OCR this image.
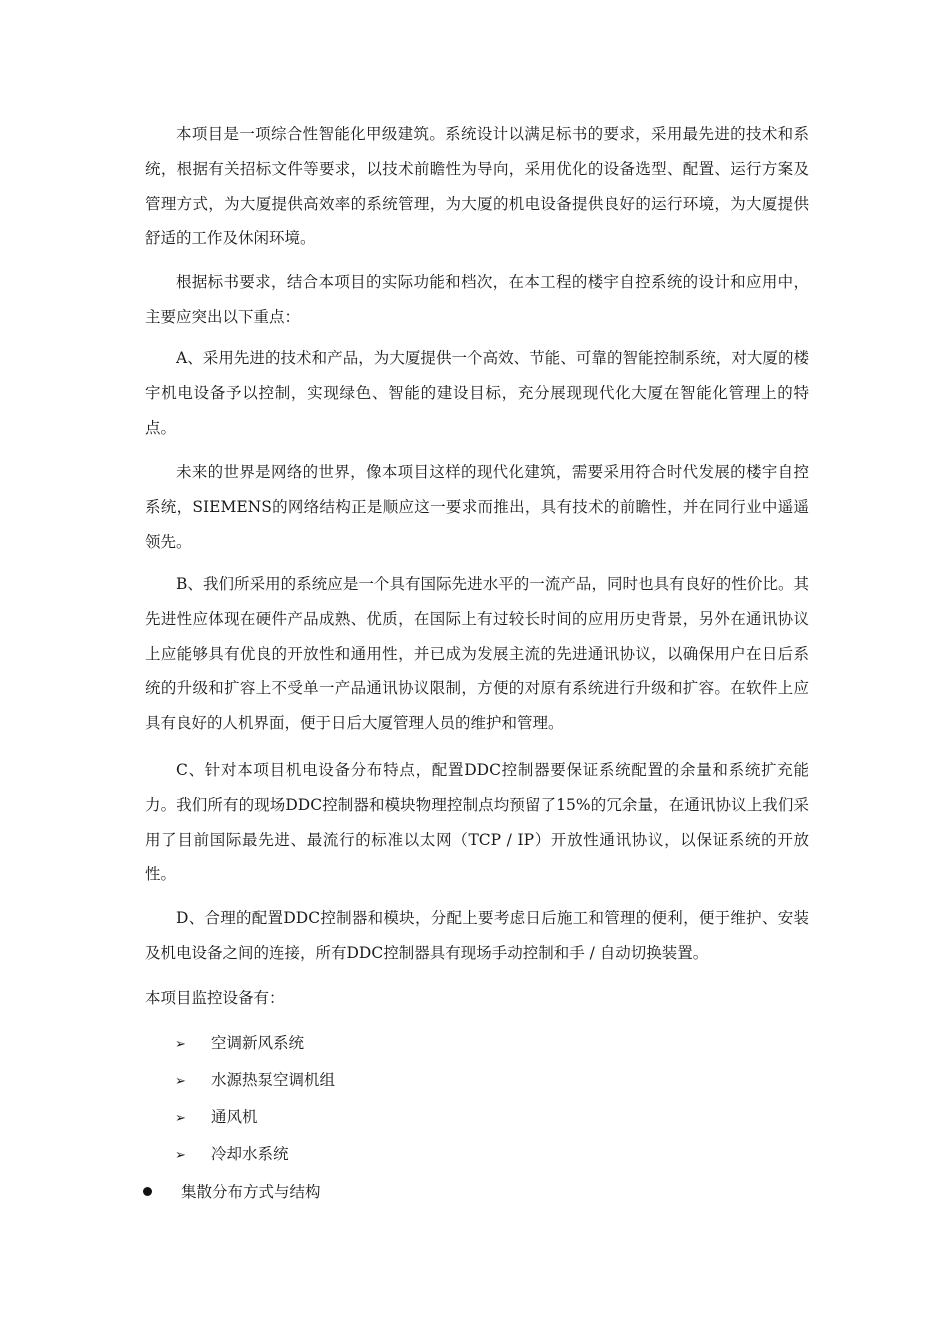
本项目是一项综合性智能化甲级建筑。系统设计以满足标书的要求，采用最先进的技术和系统，根据有关招标文件等要求，以技术前瞻性为导向，采用优化的设备选型、配置、运行方案及管理方式，为大厦提供高效率的系统管理，为大厦的机电设备提供良好的运行环境，为大厦提供舒适的工作及休闲环境。

根据标书要求，结合本项目的实际功能和档次，在本工程的楼宇自控系统的设计和应用中，主要应突出以下重点：

A、采用先进的技术和产品，为大厦提供一个高效、节能、可靠的智能控制系统，对大厦的楼宇机电设备予以控制，实现绿色、智能的建设目标，充分展现现代化大厦在智能化管理上的特点。

未来的世界是网络的世界，像本项目这样的现代化建筑，需要采用符合时代发展的楼宇自控系统，SIEMENS的网络结构正是顺应这一要求而推出，具有技术的前瞻性，并在同行业中遥遥领先。

B、我们所采用的系统应是一个具有国际先进水平的一流产品，同时也具有良好的性价比。其先进性应体现在硬件产品成熟、优质，在国际上有过较长时间的应用历史背景，另外在通讯协议上应能够具有优良的开放性和通用性，并已成为发展主流的先进通讯协议，以确保用户在日后系统的升级和扩容上不受单一产品通讯协议限制，方便的对原有系统进行升级和扩容。在软件上应具有良好的人机界面，便于日后大厦管理人员的维护和管理。

C、针对本项目机电设备分布特点，配置DDC控制器要保证系统配置的余量和系统扩充能力。我们所有的现场DDC控制器和模块物理控制点均预留了15%的冗余量，在通讯协议上我们采用了目前国际最先进、最流行的标准以太网（TCP / IP）开放性通讯协议，以保证系统的开放性。

D、合理的配置DDC控制器和模块，分配上要考虑日后施工和管理的便利，便于维护、安装及机电设备之间的连接，所有DDC控制器具有现场手动控制和手 / 自动切换装置。

本项目监控设备有：

➢ 空调新风系统
➢ 水源热泵空调机组
➢ 通风机
➢ 冷却水系统
集散分布方式与结构
